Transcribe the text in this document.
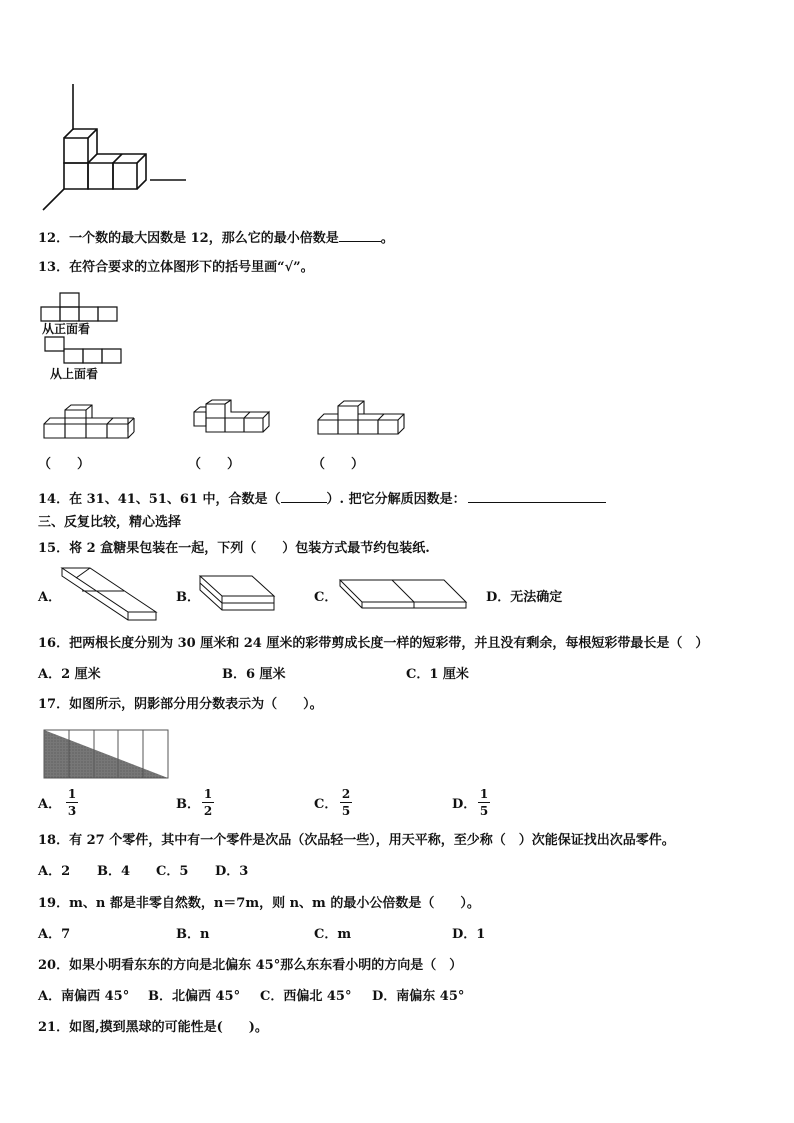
12．一个数的最大因数是 12，那么它的最小倍数是	。
13．在符合要求的立体图形下的括号里画“√”。
从正面看
从上面看
（　　）	（　　）	（　　）
14．在 31、41、51、61 中，合数是（	）. 把它分解质因数是：
三、反复比较，精心选择
15．将 2 盒糖果包装在一起，下列（　　）包装方式最节约包装纸.
A．	B．	C．	D．无法确定
16．把两根长度分别为 30 厘米和 24 厘米的彩带剪成长度一样的短彩带，并且没有剩余，每根短彩带最长是（　）
A．2 厘米	B．6 厘米	C．1 厘米
17．如图所示，阴影部分用分数表示为（　　）。
A．
1
3	B．
1
2	C．
2
5	D．
1
5
18．有 27 个零件，其中有一个零件是次品（次品轻一些），用天平称，至少称（　）次能保证找出次品零件。
A．2 B．4 C．5 D．3
19．m、n 都是非零自然数，n＝7m，则 n、m 的最小公倍数是（　　）。
A．7	B．n	C．m	D．1
20．如果小明看东东的方向是北偏东 45°那么东东看小明的方向是（　）
A．南偏西 45° B．北偏西 45° C．西偏北 45° D．南偏东 45°
21．如图,摸到黑球的可能性是(　　)。
